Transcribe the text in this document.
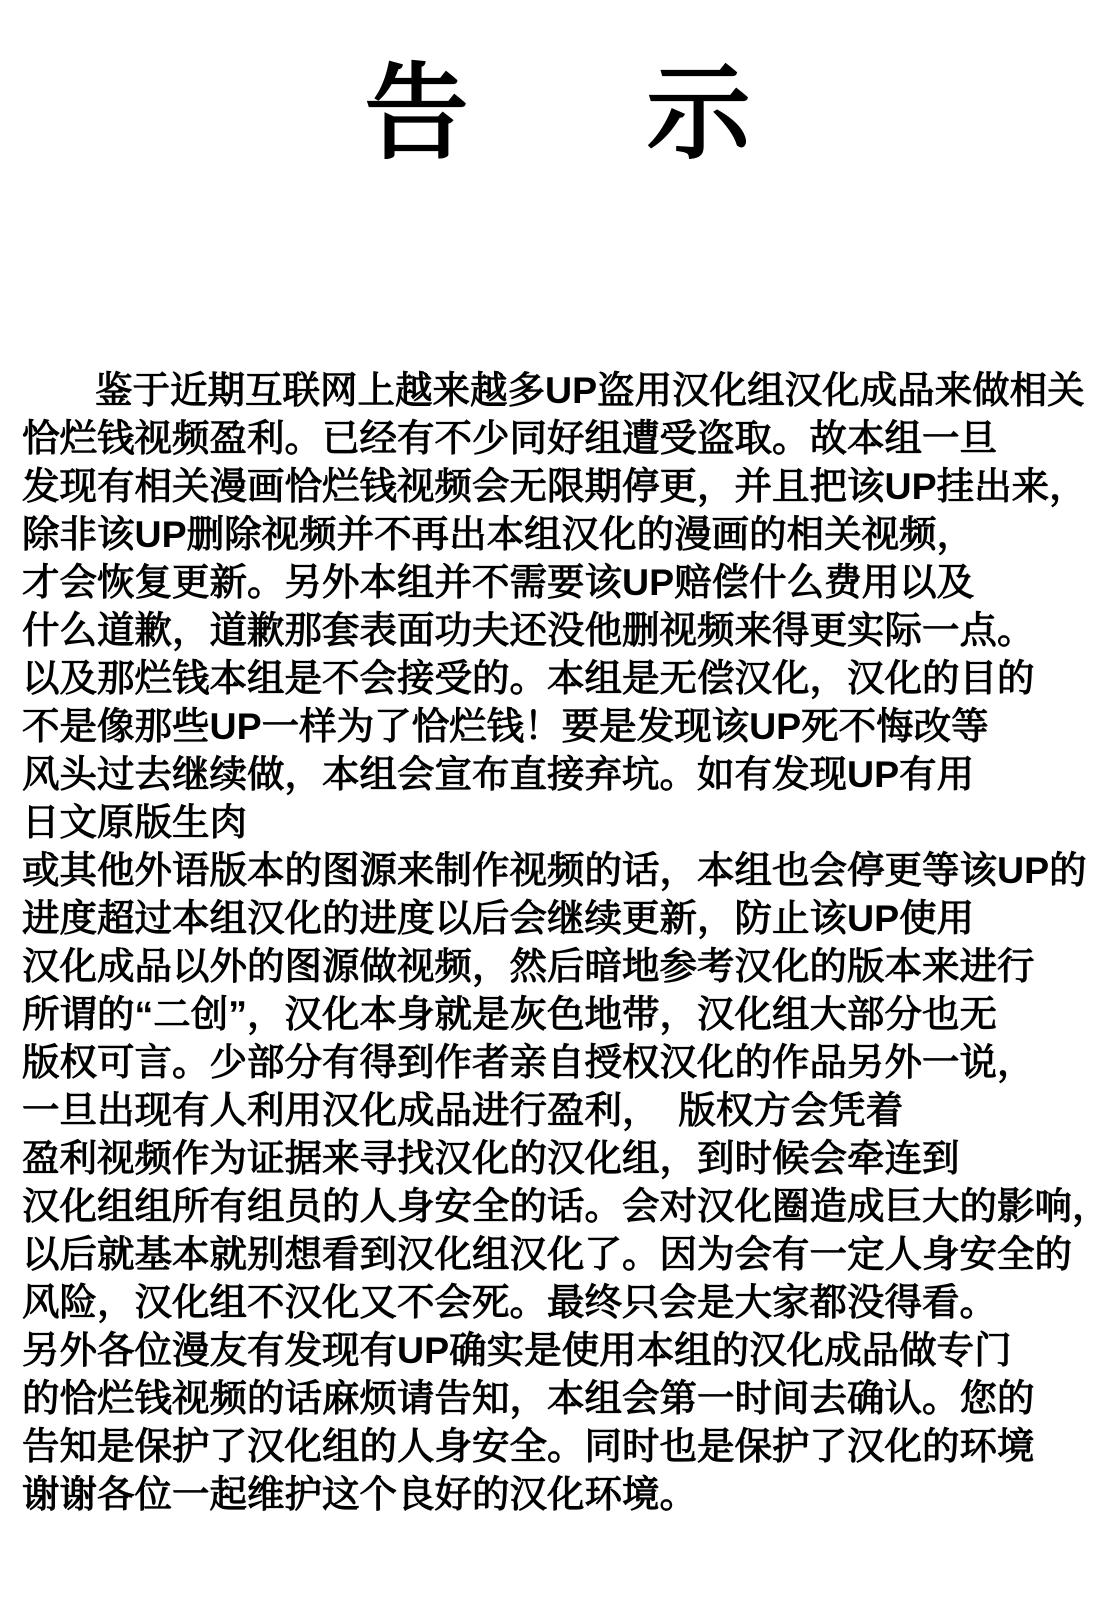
告 示
鉴于近期互联网上越来越多UP盗用汉化组汉化成品来做相关
恰烂钱视频盈利。已经有不少同好组遭受盗取。故本组一旦
发现有相关漫画恰烂钱视频会无限期停更，并且把该UP挂出来，
除非该UP删除视频并不再出本组汉化的漫画的相关视频，
才会恢复更新。另外本组并不需要该UP赔偿什么费用以及
什么道歉，道歉那套表面功夫还没他删视频来得更实际一点。
以及那烂钱本组是不会接受的。本组是无偿汉化，汉化的目的
不是像那些UP一样为了恰烂钱！要是发现该UP死不悔改等
风头过去继续做，本组会宣布直接弃坑。如有发现UP有用
日文原版生肉
或其他外语版本的图源来制作视频的话，本组也会停更等该UP的
进度超过本组汉化的进度以后会继续更新，防止该UP使用
汉化成品以外的图源做视频，然后暗地参考汉化的版本来进行
所谓的“二创”，汉化本身就是灰色地带，汉化组大部分也无
版权可言。少部分有得到作者亲自授权汉化的作品另外一说，
一旦出现有人利用汉化成品进行盈利，　版权方会凭着
盈利视频作为证据来寻找汉化的汉化组，到时候会牵连到
汉化组组所有组员的人身安全的话。会对汉化圈造成巨大的影响，
以后就基本就别想看到汉化组汉化了。因为会有一定人身安全的
风险，汉化组不汉化又不会死。最终只会是大家都没得看。
另外各位漫友有发现有UP确实是使用本组的汉化成品做专门
的恰烂钱视频的话麻烦请告知，本组会第一时间去确认。您的
告知是保护了汉化组的人身安全。同时也是保护了汉化的环境
谢谢各位一起维护这个良好的汉化环境。
